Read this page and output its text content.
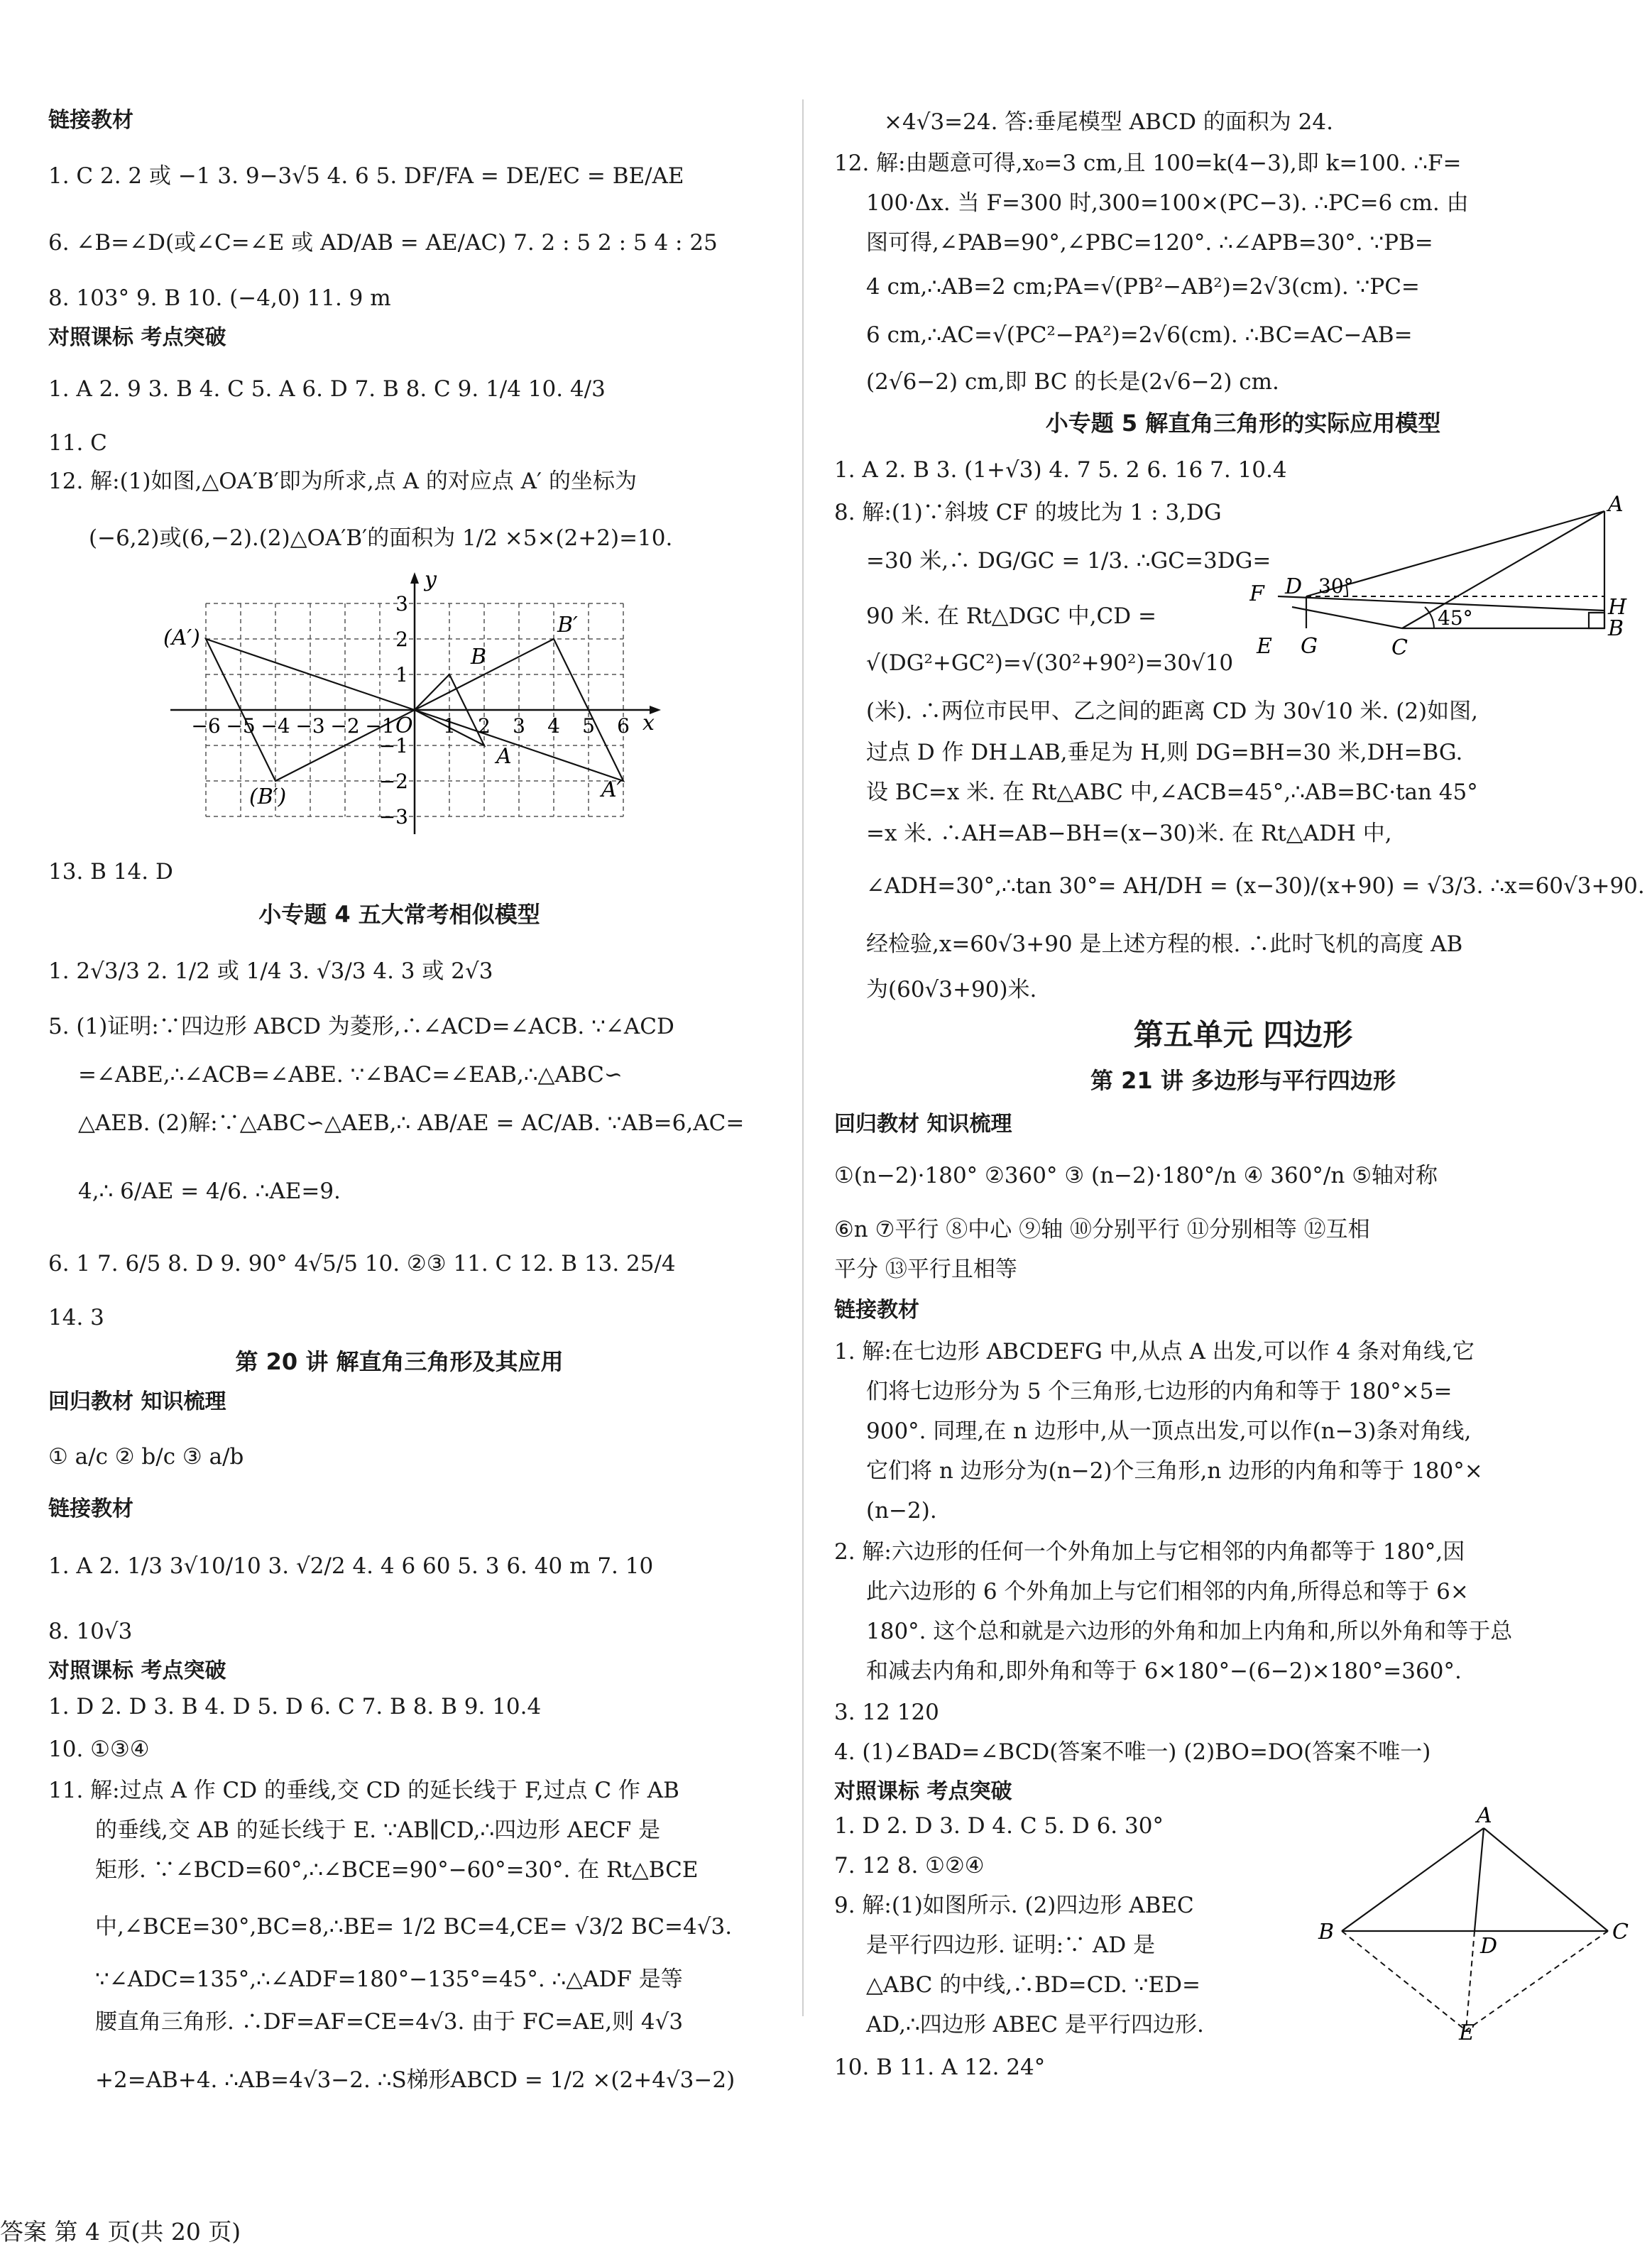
链接教材
1. C 2. 2 或 −1 3. 9−3√5 4. 6 5. DF/FA = DE/EC = BE/AE
6. ∠B=∠D(或∠C=∠E 或 AD/AB = AE/AC) 7. 2 : 5 2 : 5 4 : 25
8. 103° 9. B 10. (−4,0) 11. 9 m
对照课标 考点突破
1. A 2. 9 3. B 4. C 5. A 6. D 7. B 8. C 9. 1/4 10. 4/3
11. C
12. 解:(1)如图,△OA′B′即为所求,点 A 的对应点 A′ 的坐标为
(−6,2)或(6,−2).(2)△OA′B′的面积为 1/2 ×5×(2+2)=10.
y
x
O
−6 −5 −4 −3 −2 −1 1 2 3 4 5 6
3
2
1
−1
−2
−3
(A′)
B′
B
A
(B′)	A′
13. B 14. D
小专题 4 五大常考相似模型
1. 2√3/3 2. 1/2 或 1/4 3. √3/3 4. 3 或 2√3
5. (1)证明:∵四边形 ABCD 为菱形,∴∠ACD=∠ACB. ∵∠ACD
=∠ABE,∴∠ACB=∠ABE. ∵∠BAC=∠EAB,∴△ABC∽
△AEB. (2)解:∵△ABC∽△AEB,∴ AB/AE = AC/AB. ∵AB=6,AC=
4,∴ 6/AE = 4/6. ∴AE=9.
6. 1 7. 6/5 8. D 9. 90° 4√5/5 10. ②③ 11. C 12. B 13. 25/4
14. 3
第 20 讲 解直角三角形及其应用
回归教材 知识梳理
① a/c ② b/c ③ a/b
链接教材
1. A 2. 1/3 3√10/10 3. √2/2 4. 4 6 60 5. 3 6. 40 m 7. 10
8. 10√3
对照课标 考点突破
1. D 2. D 3. B 4. D 5. D 6. C 7. B 8. B 9. 10.4
10. ①③④
11. 解:过点 A 作 CD 的垂线,交 CD 的延长线于 F,过点 C 作 AB
的垂线,交 AB 的延长线于 E. ∵AB∥CD,∴四边形 AECF 是
矩形. ∵∠BCD=60°,∴∠BCE=90°−60°=30°. 在 Rt△BCE
中,∠BCE=30°,BC=8,∴BE= 1/2 BC=4,CE= √3/2 BC=4√3.
∵∠ADC=135°,∴∠ADF=180°−135°=45°. ∴△ADF 是等
腰直角三角形. ∴DF=AF=CE=4√3. 由于 FC=AE,则 4√3
+2=AB+4. ∴AB=4√3−2. ∴S梯形ABCD = 1/2 ×(2+4√3−2)
×4√3=24. 答:垂尾模型 ABCD 的面积为 24.
12. 解:由题意可得,x₀=3 cm,且 100=k(4−3),即 k=100. ∴F=
100·Δx. 当 F=300 时,300=100×(PC−3). ∴PC=6 cm. 由
图可得,∠PAB=90°,∠PBC=120°. ∴∠APB=30°. ∵PB=
4 cm,∴AB=2 cm;PA=√(PB²−AB²)=2√3(cm). ∵PC=
6 cm,∴AC=√(PC²−PA²)=2√6(cm). ∴BC=AC−AB=
(2√6−2) cm,即 BC 的长是(2√6−2) cm.
小专题 5 解直角三角形的实际应用模型
1. A 2. B 3. (1+√3) 4. 7 5. 2 6. 16 7. 10.4
8. 解:(1)∵斜坡 CF 的坡比为 1 : 3,DG
=30 米,∴ DG/GC = 1/3. ∴GC=3DG=
90 米. 在 Rt△DGC 中,CD =
√(DG²+GC²)=√(30²+90²)=30√10
A
F D
H
B
E G	C
30°
45°
(米). ∴两位市民甲、乙之间的距离 CD 为 30√10 米. (2)如图,
过点 D 作 DH⊥AB,垂足为 H,则 DG=BH=30 米,DH=BG.
设 BC=x 米. 在 Rt△ABC 中,∠ACB=45°,∴AB=BC·tan 45°
=x 米. ∴AH=AB−BH=(x−30)米. 在 Rt△ADH 中,
∠ADH=30°,∴tan 30°= AH/DH = (x−30)/(x+90) = √3/3. ∴x=60√3+90.
经检验,x=60√3+90 是上述方程的根. ∴此时飞机的高度 AB
为(60√3+90)米.
第五单元 四边形
第 21 讲 多边形与平行四边形
回归教材 知识梳理
①(n−2)·180° ②360° ③ (n−2)·180°/n ④ 360°/n ⑤轴对称
⑥n ⑦平行 ⑧中心 ⑨轴 ⑩分别平行 ⑪分别相等 ⑫互相
平分 ⑬平行且相等
链接教材
1. 解:在七边形 ABCDEFG 中,从点 A 出发,可以作 4 条对角线,它
们将七边形分为 5 个三角形,七边形的内角和等于 180°×5=
900°. 同理,在 n 边形中,从一顶点出发,可以作(n−3)条对角线,
它们将 n 边形分为(n−2)个三角形,n 边形的内角和等于 180°×
(n−2).
2. 解:六边形的任何一个外角加上与它相邻的内角都等于 180°,因
此六边形的 6 个外角加上与它们相邻的内角,所得总和等于 6×
180°. 这个总和就是六边形的外角和加上内角和,所以外角和等于总
和减去内角和,即外角和等于 6×180°−(6−2)×180°=360°.
3. 12 120
4. (1)∠BAD=∠BCD(答案不唯一) (2)BO=DO(答案不唯一)
对照课标 考点突破
1. D 2. D 3. D 4. C 5. D 6. 30°
7. 12 8. ①②④
9. 解:(1)如图所示. (2)四边形 ABEC
是平行四边形. 证明:∵ AD 是
△ABC 的中线,∴BD=CD. ∵ED=
AD,∴四边形 ABEC 是平行四边形.
10. B 11. A 12. 24°
A
B	C
D
E
答案 第 4 页(共 20 页)
